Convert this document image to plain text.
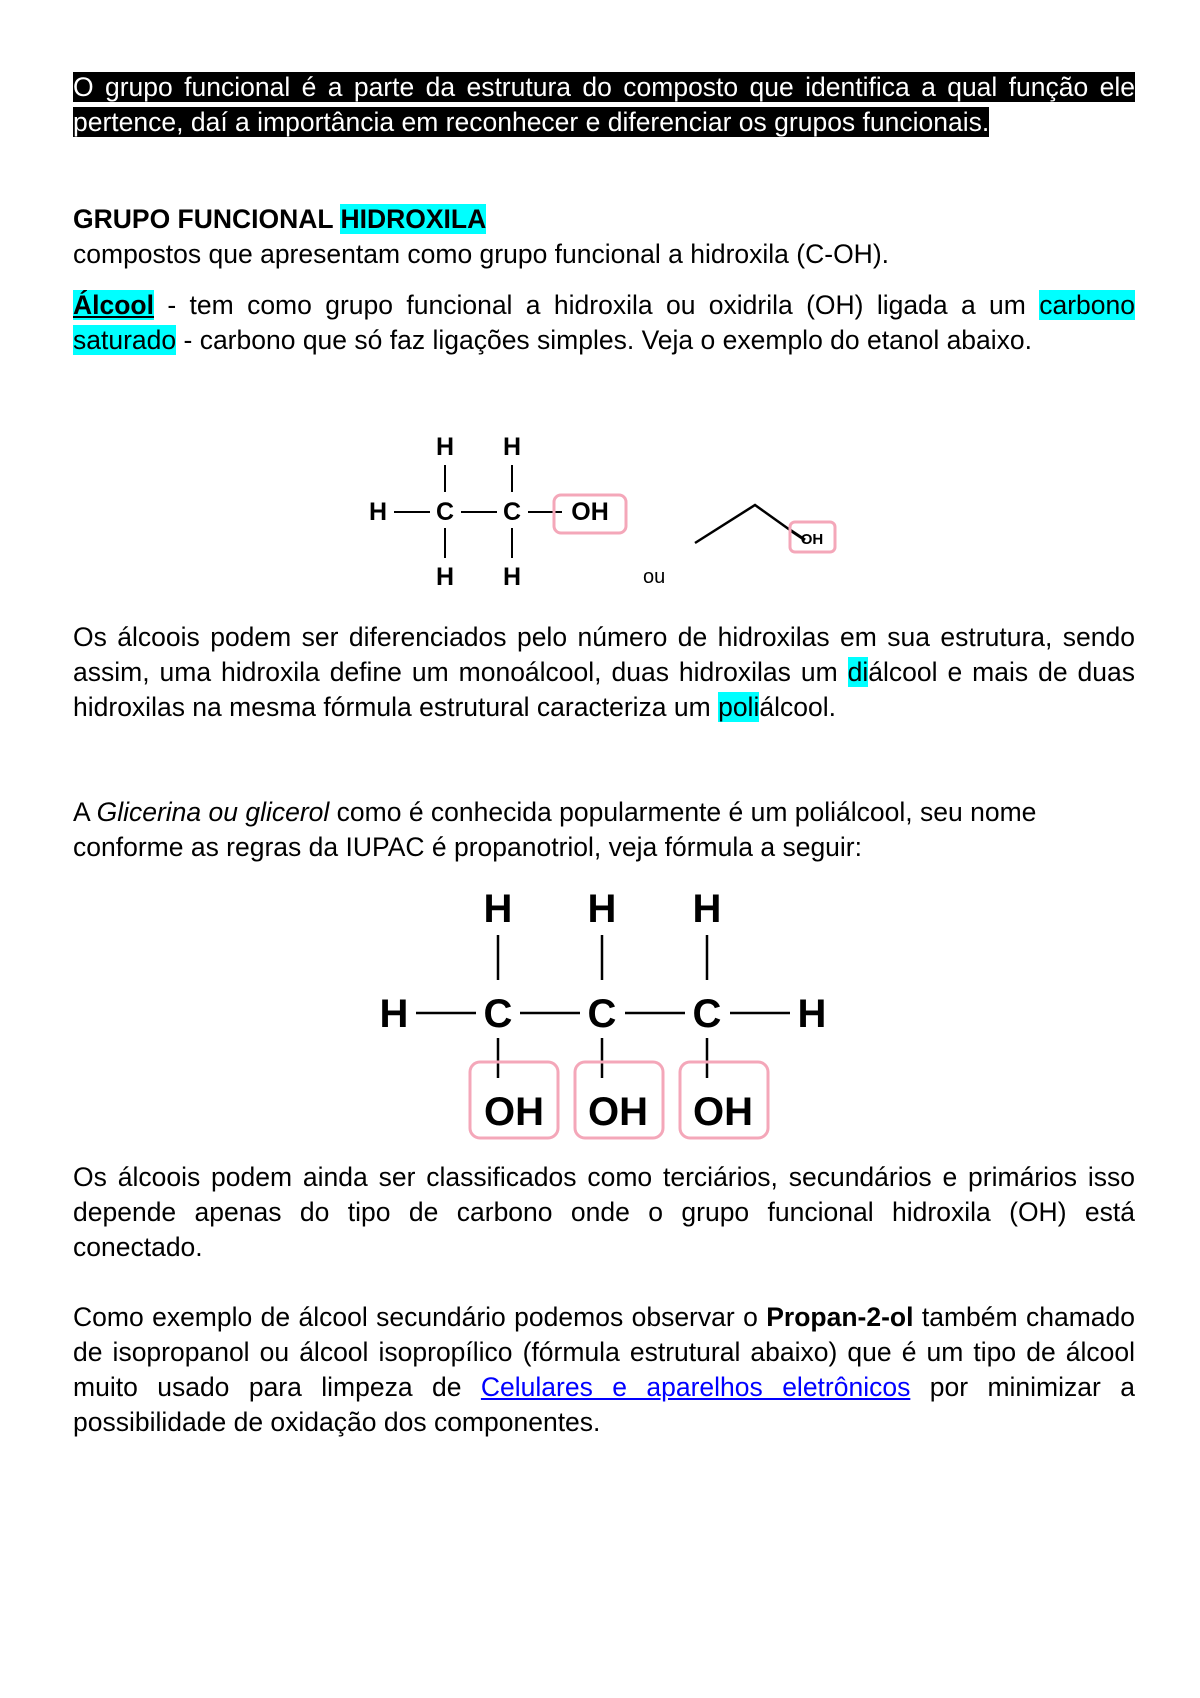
O grupo funcional é a parte da estrutura do composto que identifica a qual função ele pertence, daí a importância em reconhecer e diferenciar os grupos funcionais.

GRUPO FUNCIONAL HIDROXILA

compostos que apresentam como grupo funcional a hidroxila (C-OH).

Álcool - tem como grupo funcional a hidroxila ou oxidrila (OH) ligada a um carbono saturado - carbono que só faz ligações simples. Veja o exemplo do etanol abaixo.

H H
H C C OH
H H	ou
OH

Os álcoois podem ser diferenciados pelo número de hidroxilas em sua estrutura, sendo assim, uma hidroxila define um monoálcool, duas hidroxilas um diálcool e mais de duas hidroxilas na mesma fórmula estrutural caracteriza um poliálcool.

A Glicerina ou glicerol como é conhecida popularmente é um poliálcool, seu nome conforme as regras da IUPAC é propanotriol, veja fórmula a seguir:

H H H
H C C C H
OH OH OH

Os álcoois podem ainda ser classificados como terciários, secundários e primários isso depende apenas do tipo de carbono onde o grupo funcional hidroxila (OH) está conectado.

Como exemplo de álcool secundário podemos observar o Propan-2-ol também chamado de isopropanol ou álcool isopropílico (fórmula estrutural abaixo) que é um tipo de álcool muito usado para limpeza de Celulares e aparelhos eletrônicos por minimizar a possibilidade de oxidação dos componentes.
